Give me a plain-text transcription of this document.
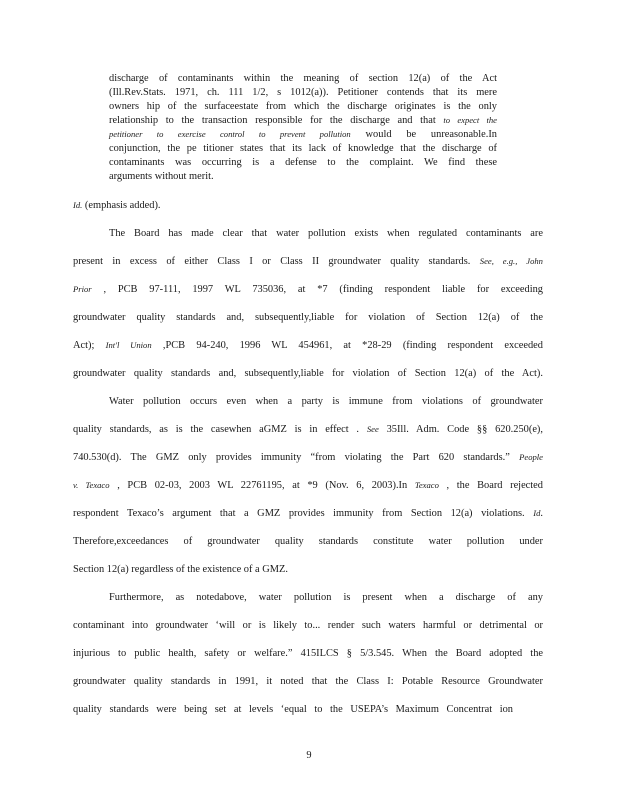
discharge of contaminants within the meaning of section 12(a) of the Act
(Ill.Rev.Stats. 1971, ch. 111 1/2, s 1012(a)). Petitioner contends that its mere
owners hip of the surfaceestate from which the discharge originates is the only
relationship to the transaction responsible for the discharge and that to expect the
petitioner to exercise control to prevent pollution would be unreasonable.In
conjunction, the pe titioner states that its lack of knowledge that the discharge of
contaminants was occurring is a defense to the complaint. We find these
arguments without merit.
Id. (emphasis added).
The Board has made clear that water pollution exists when regulated contaminants are
present in excess of either Class I or Class II groundwater quality standards. See, e.g., John
Prior , PCB 97-111, 1997 WL 735036, at *7 (finding respondent liable for exceeding
groundwater quality standards and, subsequently,liable for violation of Section 12(a) of the
Act); Int'l Union ,PCB 94-240, 1996 WL 454961, at *28-29 (finding respondent exceeded
groundwater quality standards and, subsequently,liable for violation of Section 12(a) of the Act).
Water pollution occurs even when a party is immune from violations of groundwater
quality standards, as is the casewhen aGMZ is in effect . See 35Ill. Adm. Code §§ 620.250(e),
740.530(d). The GMZ only provides immunity “from violating the Part 620 standards.” People
v. Texaco , PCB 02-03, 2003 WL 22761195, at *9 (Nov. 6, 2003).In Texaco , the Board rejected
respondent Texaco’s argument that a GMZ provides immunity from Section 12(a) violations. Id.
Therefore,exceedances of groundwater quality standards constitute water pollution under
Section 12(a) regardless of the existence of a GMZ.
Furthermore, as notedabove, water pollution is present when a discharge of any
contaminant into groundwater ‘will or is likely to... render such waters harmful or detrimental or
injurious to public health, safety or welfare.” 415ILCS § 5/3.545. When the Board adopted the
groundwater quality standards in 1991, it noted that the Class I: Potable Resource Groundwater
quality standards were being set at levels ‘equal to the USEPA’s Maximum Concentrat ion
9
